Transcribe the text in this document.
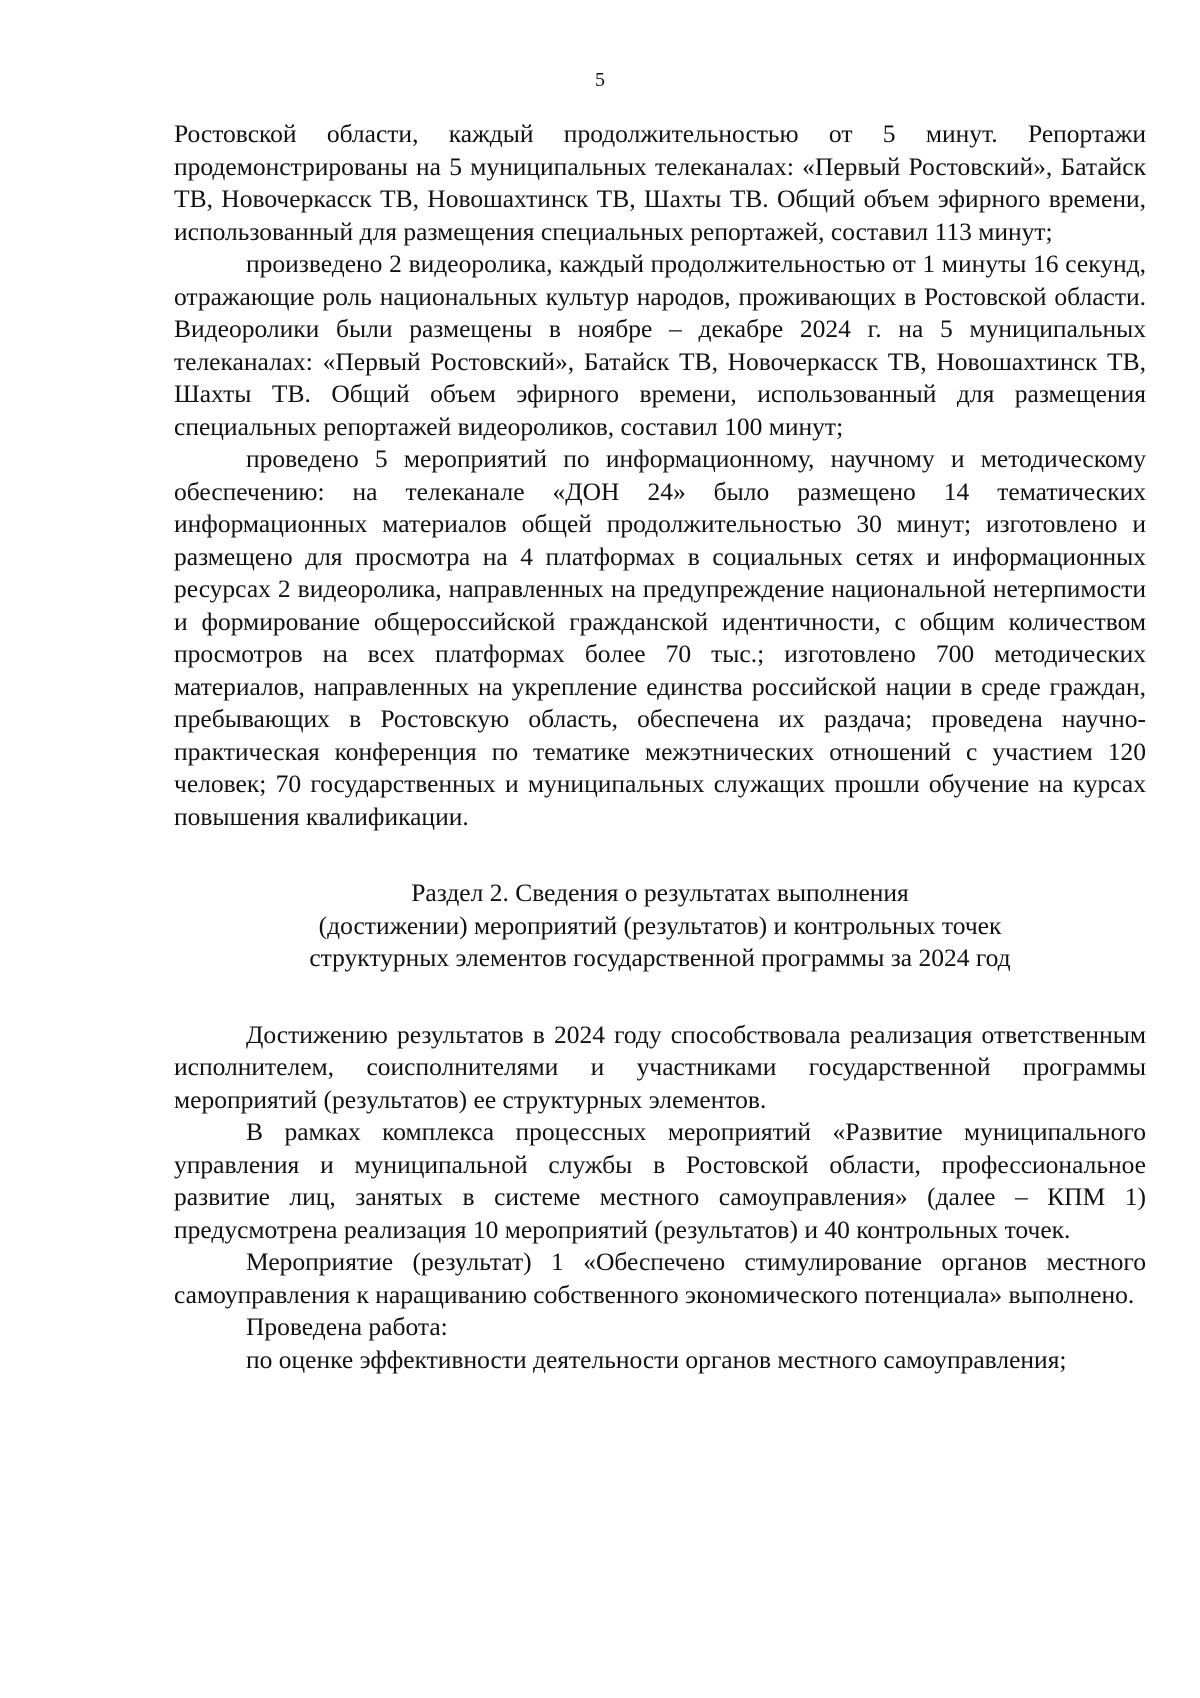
5

Ростовской области, каждый продолжительностью от 5 минут. Репортажи продемонстрированы на 5 муниципальных телеканалах: «Первый Ростовский», Батайск ТВ, Новочеркасск ТВ, Новошахтинск ТВ, Шахты ТВ. Общий объем эфирного времени, использованный для размещения специальных репортажей, составил 113 минут;

произведено 2 видеоролика, каждый продолжительностью от 1 минуты 16 секунд, отражающие роль национальных культур народов, проживающих в Ростовской области. Видеоролики были размещены в ноябре – декабре 2024 г. на 5 муниципальных телеканалах: «Первый Ростовский», Батайск ТВ, Новочеркасск ТВ, Новошахтинск ТВ, Шахты ТВ. Общий объем эфирного времени, использованный для размещения специальных репортажей видеороликов, составил 100 минут;

проведено 5 мероприятий по информационному, научному и методическому обеспечению: на телеканале «ДОН 24» было размещено 14 тематических информационных материалов общей продолжительностью 30 минут; изготовлено и размещено для просмотра на 4 платформах в социальных сетях и информационных ресурсах 2 видеоролика, направленных на предупреждение национальной нетерпимости и формирование общероссийской гражданской идентичности, с общим количеством просмотров на всех платформах более 70 тыс.; изготовлено 700 методических материалов, направленных на укрепление единства российской нации в среде граждан, пребывающих в Ростовскую область, обеспечена их раздача; проведена научно-практическая конференция по тематике межэтнических отношений с участием 120 человек; 70 государственных и муниципальных служащих прошли обучение на курсах повышения квалификации.

Раздел 2. Сведения о результатах выполнения
(достижении) мероприятий (результатов) и контрольных точек
структурных элементов государственной программы за 2024 год

Достижению результатов в 2024 году способствовала реализация ответственным исполнителем, соисполнителями и участниками государственной программы мероприятий (результатов) ее структурных элементов.

В рамках комплекса процессных мероприятий «Развитие муниципального управления и муниципальной службы в Ростовской области, профессиональное развитие лиц, занятых в системе местного самоуправления» (далее – КПМ 1) предусмотрена реализация 10 мероприятий (результатов) и 40 контрольных точек.

Мероприятие (результат) 1 «Обеспечено стимулирование органов местного самоуправления к наращиванию собственного экономического потенциала» выполнено.

Проведена работа:

по оценке эффективности деятельности органов местного самоуправления;
